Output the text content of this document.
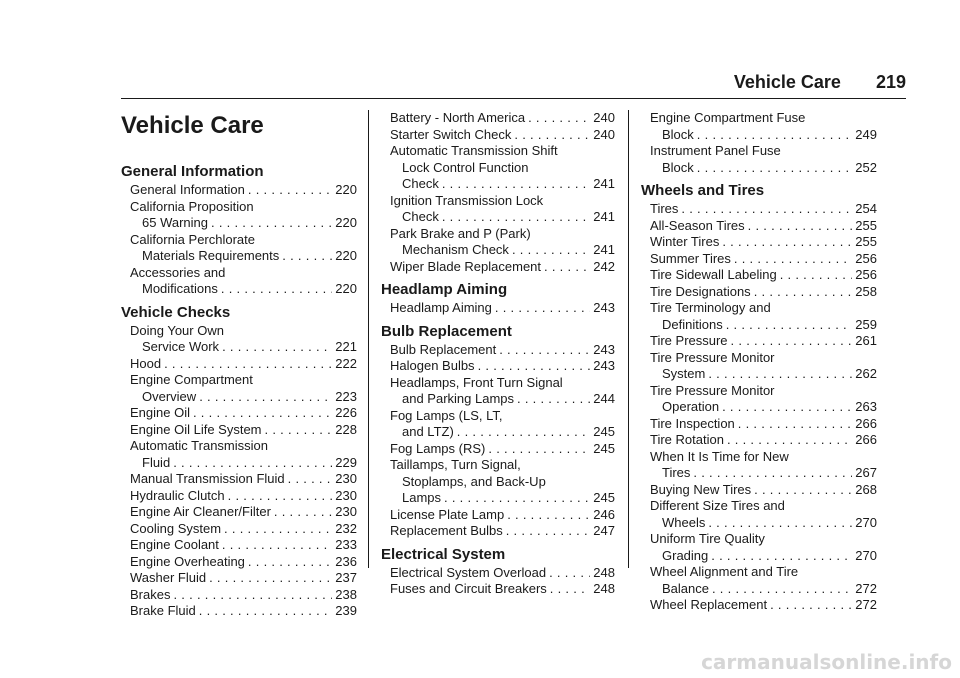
Vehicle Care 219
Vehicle Care
General Information
General Information . . .	220
California Proposition
65 Warning . . .	220
California Perchlorate
Materials Requirements . . .	220
Accessories and
Modifications . . .	220
Vehicle Checks
Doing Your Own
Service Work . . .	221
Hood . . .	222
Engine Compartment
Overview . . .	223
Engine Oil . . .	226
Engine Oil Life System . . .	228
Automatic Transmission
Fluid . . .	229
Manual Transmission Fluid . . .	230
Hydraulic Clutch . . .	230
Engine Air Cleaner/Filter . . .	230
Cooling System . . .	232
Engine Coolant . . .	233
Engine Overheating . . .	236
Washer Fluid . . .	237
Brakes . . .	238
Brake Fluid . . .	239
Battery - North America . . .	240
Starter Switch Check . . .	240
Automatic Transmission Shift
Lock Control Function
Check . . .	241
Ignition Transmission Lock
Check . . .	241
Park Brake and P (Park)
Mechanism Check . . .	241
Wiper Blade Replacement . . .	242
Headlamp Aiming
Headlamp Aiming . . .	243
Bulb Replacement
Bulb Replacement . . .	243
Halogen Bulbs . . .	243
Headlamps, Front Turn Signal
and Parking Lamps . . .	244
Fog Lamps (LS, LT,
and LTZ) . . .	245
Fog Lamps (RS) . . .	245
Taillamps, Turn Signal,
Stoplamps, and Back-Up
Lamps . . .	245
License Plate Lamp . . .	246
Replacement Bulbs . . .	247
Electrical System
Electrical System Overload . . .	248
Fuses and Circuit Breakers . . .	248
Engine Compartment Fuse
Block . . .	249
Instrument Panel Fuse
Block . . .	252
Wheels and Tires
Tires . . .	254
All-Season Tires . . .	255
Winter Tires . . .	255
Summer Tires . . .	256
Tire Sidewall Labeling . . .	256
Tire Designations . . .	258
Tire Terminology and
Definitions . . .	259
Tire Pressure . . .	261
Tire Pressure Monitor
System . . .	262
Tire Pressure Monitor
Operation . . .	263
Tire Inspection . . .	266
Tire Rotation . . .	266
When It Is Time for New
Tires . . .	267
Buying New Tires . . .	268
Different Size Tires and
Wheels . . .	270
Uniform Tire Quality
Grading . . .	270
Wheel Alignment and Tire
Balance . . .	272
Wheel Replacement . . .	272
carmanualsonline.info
